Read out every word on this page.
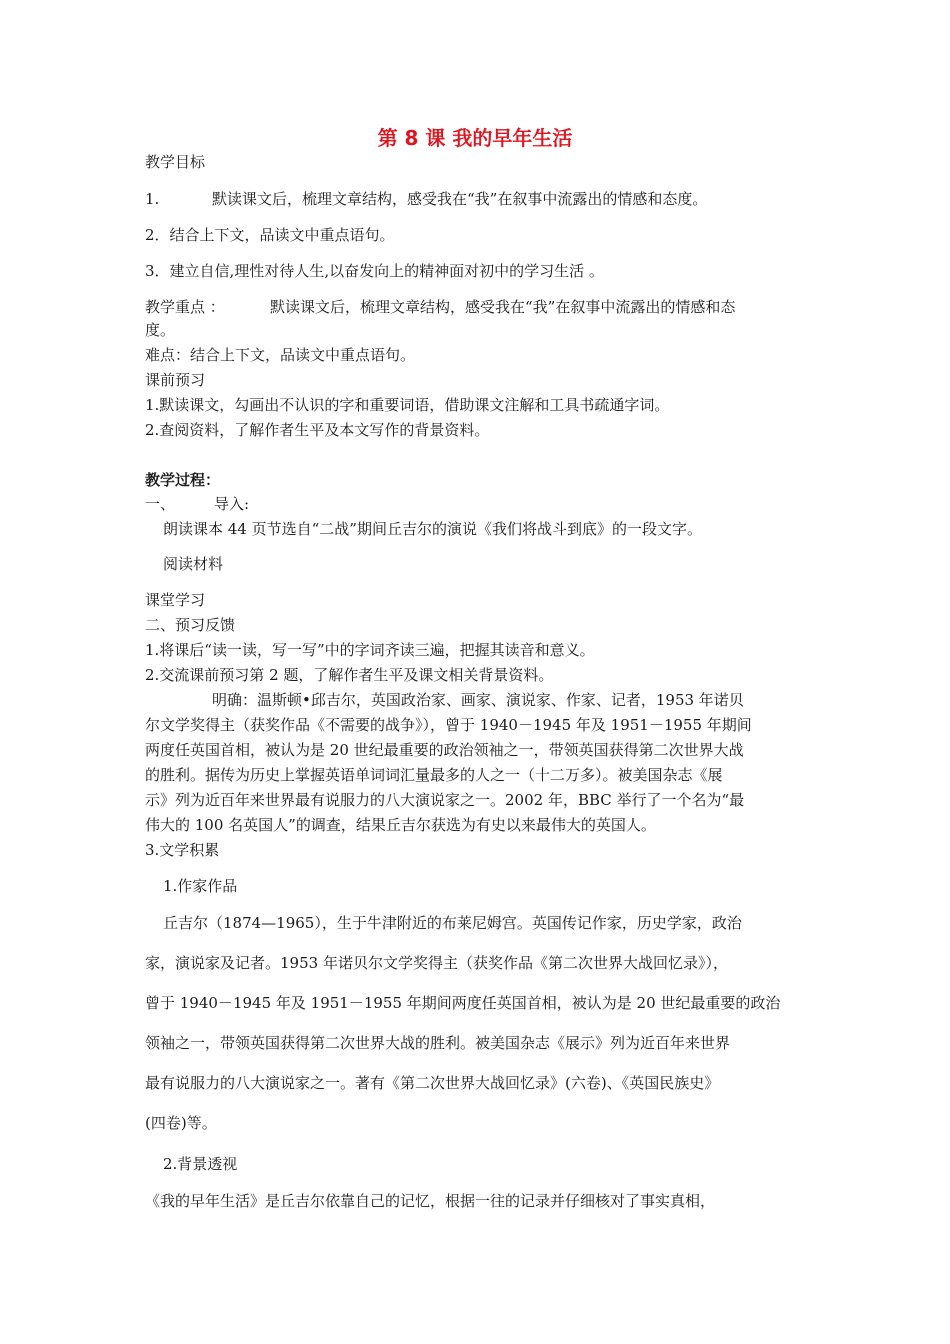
第 8 课 我的早年生活
教学目标
1.	默读课文后，梳理文章结构，感受我在“我”在叙事中流露出的情感和态度。
2．结合上下文，品读文中重点语句。
3．建立自信,理性对待人生,以奋发向上的精神面对初中的学习生活 。
教学重点 ：	默读课文后，梳理文章结构，感受我在“我”在叙事中流露出的情感和态
度。
难点：结合上下文，品读文中重点语句。
课前预习
1.默读课文，勾画出不认识的字和重要词语，借助课文注解和工具书疏通字词。
2.查阅资料，了解作者生平及本文写作的背景资料。
教学过程：
一、	导入:
朗读课本 44 页节选自“二战”期间丘吉尔的演说《我们将战斗到底》的一段文字。
阅读材料
课堂学习
二、预习反馈
1.将课后“读一读，写一写”中的字词齐读三遍，把握其读音和意义。
2.交流课前预习第 2 题，了解作者生平及课文相关背景资料。
明确：温斯顿•邱吉尔，英国政治家、画家、演说家、作家、记者，1953 年诺贝
尔文学奖得主（获奖作品《不需要的战争》），曾于 1940－1945 年及 1951－1955 年期间
两度任英国首相，被认为是 20 世纪最重要的政治领袖之一，带领英国获得第二次世界大战
的胜利。据传为历史上掌握英语单词词汇量最多的人之一（十二万多）。被美国杂志《展
示》列为近百年来世界最有说服力的八大演说家之一。2002 年，BBC 举行了一个名为“最
伟大的 100 名英国人”的调查，结果丘吉尔获选为有史以来最伟大的英国人。
3.文学积累
1.作家作品
丘吉尔（1874—1965），生于牛津附近的布莱尼姆宫。英国传记作家，历史学家，政治
家，演说家及记者。1953 年诺贝尔文学奖得主（获奖作品《第二次世界大战回忆录》），
曾于 1940－1945 年及 1951－1955 年期间两度任英国首相，被认为是 20 世纪最重要的政治
领袖之一，带领英国获得第二次世界大战的胜利。被美国杂志《展示》列为近百年来世界
最有说服力的八大演说家之一。著有《第二次世界大战回忆录》(六卷)、《英国民族史》
(四卷)等。
2.背景透视
《我的早年生活》是丘吉尔依靠自己的记忆，根据一往的记录并仔细核对了事实真相，
